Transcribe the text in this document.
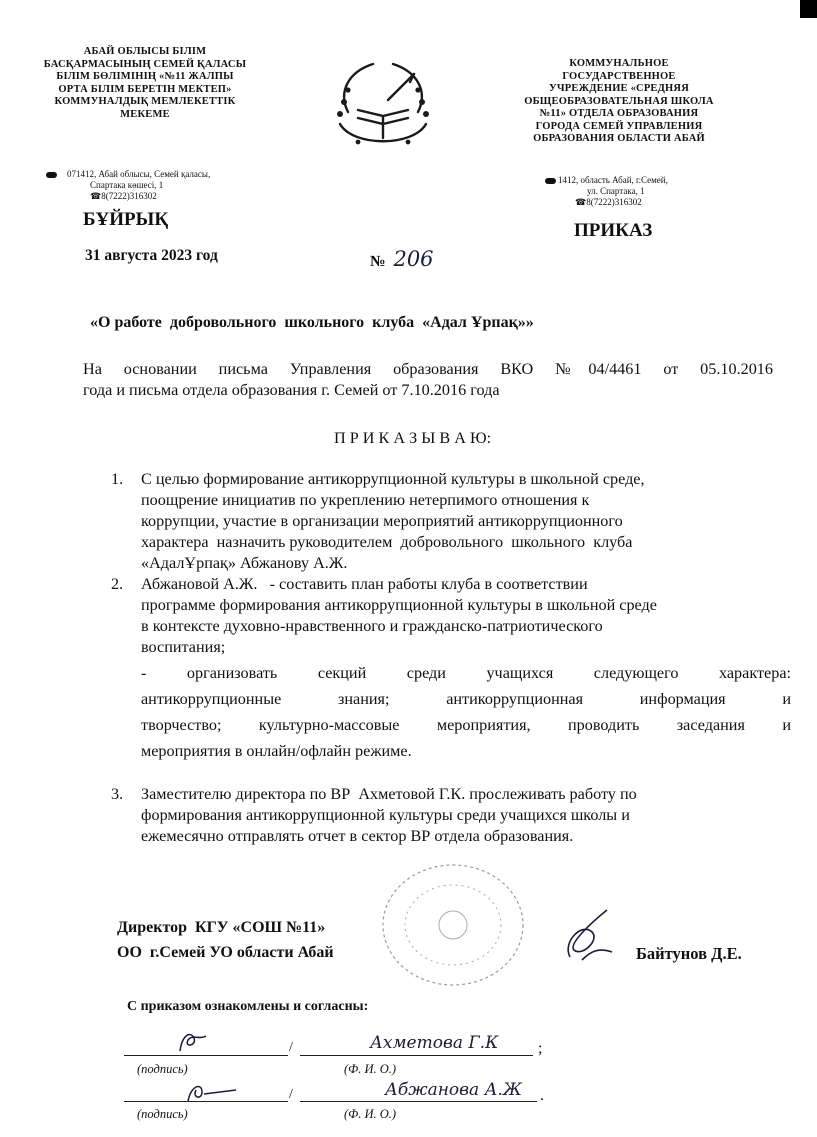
АБАЙ ОБЛЫСЫ БІЛІМ
БАСҚАРМАСЫНЫҢ СЕМЕЙ ҚАЛАСЫ
БІЛІМ БӨЛІМІНІҢ «№11 ЖАЛПЫ
ОРТА БІЛІМ БЕРЕТІН МЕКТЕП»
КОММУНАЛДЫҚ МЕМЛЕКЕТТІК
МЕКЕМЕ
КОММУНАЛЬНОЕ
ГОСУДАРСТВЕННОЕ
УЧРЕЖДЕНИЕ «СРЕДНЯЯ
ОБЩЕОБРАЗОВАТЕЛЬНАЯ ШКОЛА
№11» ОТДЕЛА ОБРАЗОВАНИЯ
ГОРОДА СЕМЕЙ УПРАВЛЕНИЯ
ОБРАЗОВАНИЯ ОБЛАСТИ АБАЙ
071412, Абай облысы, Семей қаласы,
Спартака көшесі, 1
☎8(7222)316302
1412, область Абай, г.Семей,
ул. Спартака, 1
☎8(7222)316302
БҰЙРЫҚ
ПРИКАЗ
31 августа 2023 год	№ 206
«О работе  добровольного  школьного  клуба  «Адал Ұрпақ»»
На основании письма Управления образования ВКО №04/4461 от 05.10.2016
года и письма отдела образования г. Семей от 7.10.2016 года
П Р И К А З Ы В А Ю:
1. С целью формирование антикоррупционной культуры в школьной среде,
поощрение инициатив по укреплению нетерпимого отношения к
коррупции, участие в организации мероприятий антикоррупционного
характера  назначить руководителем  добровольного  школьного  клуба
«АдалҰрпақ» Абжанову А.Ж.
2. Абжановой А.Ж.   - составить план работы клуба в соответствии
программе формирования антикоррупционной культуры в школьной среде
в контексте духовно-нравственного и гражданско-патриотического
воспитания;
- организовать секций среди учащихся следующего характера:
антикоррупционные знания; антикоррупционная информация и
творчество; культурно-массовые мероприятия, проводить заседания и
мероприятия в онлайн/офлайн режиме.
3. Заместителю директора по ВР  Ахметовой Г.К. прослеживать работу по
формирования антикоррупционной культуры среди учащихся школы и
ежемесячно отправлять отчет в сектор ВР отдела образования.
Директор  КГУ «СОШ №11»
ОО  г.Семей УО области Абай	Байтунов Д.Е.
С приказом ознакомлены и согласны:
/	Ахметова Г.К ;
(подпись)	(Ф. И. О.)
/	Абжанова А.Ж .
(подпись)	(Ф. И. О.)
